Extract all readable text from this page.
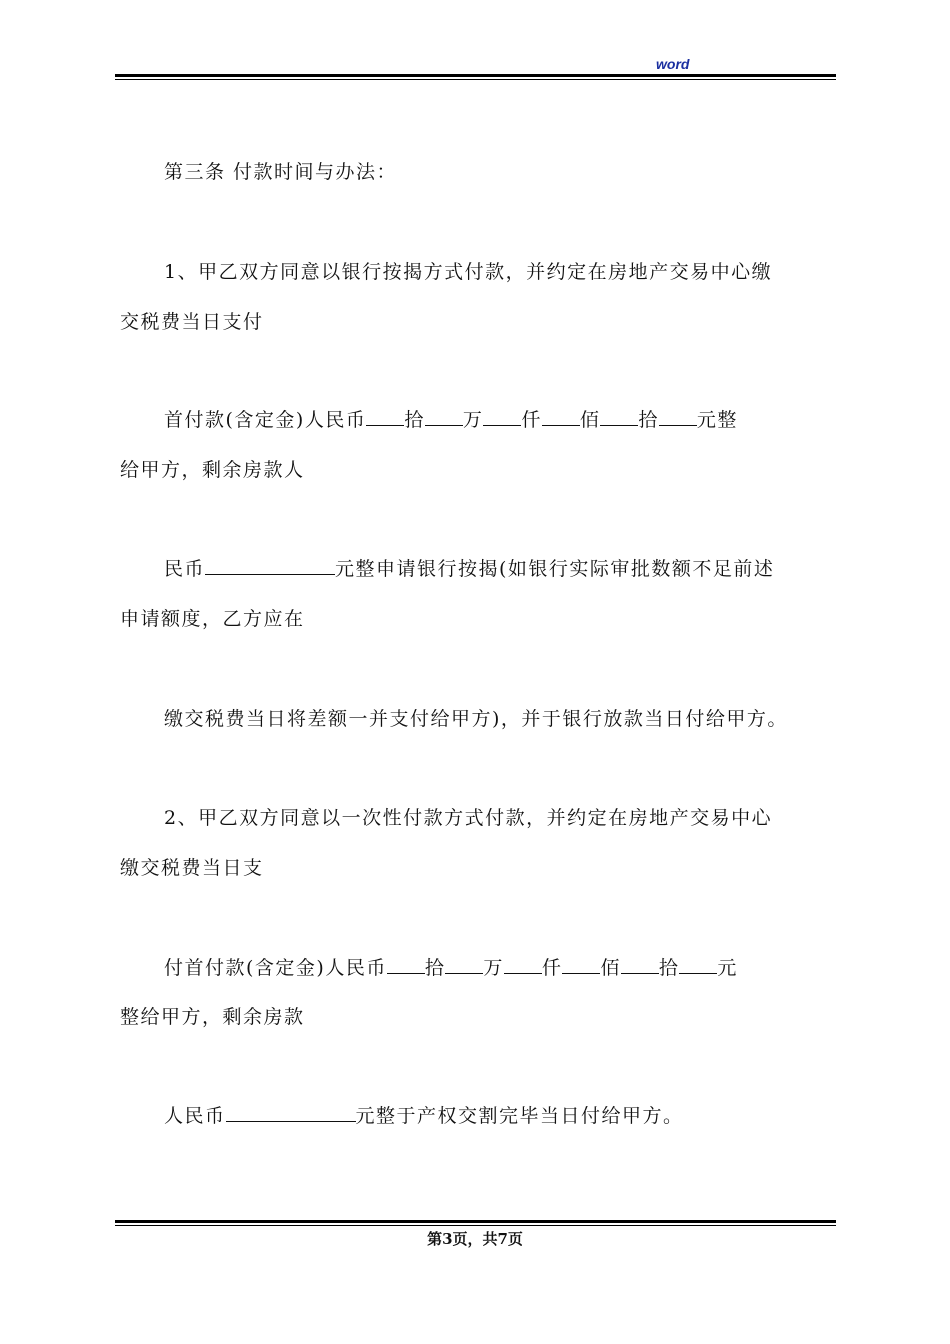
word
第三条 付款时间与办法：
1、甲乙双方同意以银行按揭方式付款，并约定在房地产交易中心缴
交税费当日支付
首付款(含定金)人民币 拾 万 仟 佰 拾 元整
给甲方，剩余房款人
民币	元整申请银行按揭(如银行实际审批数额不足前述
申请额度，乙方应在
缴交税费当日将差额一并支付给甲方)，并于银行放款当日付给甲方。
2、甲乙双方同意以一次性付款方式付款，并约定在房地产交易中心
缴交税费当日支
付首付款(含定金)人民币 拾 万 仟 佰 拾 元
整给甲方，剩余房款
人民币	元整于产权交割完毕当日付给甲方。
第3页，共7页
